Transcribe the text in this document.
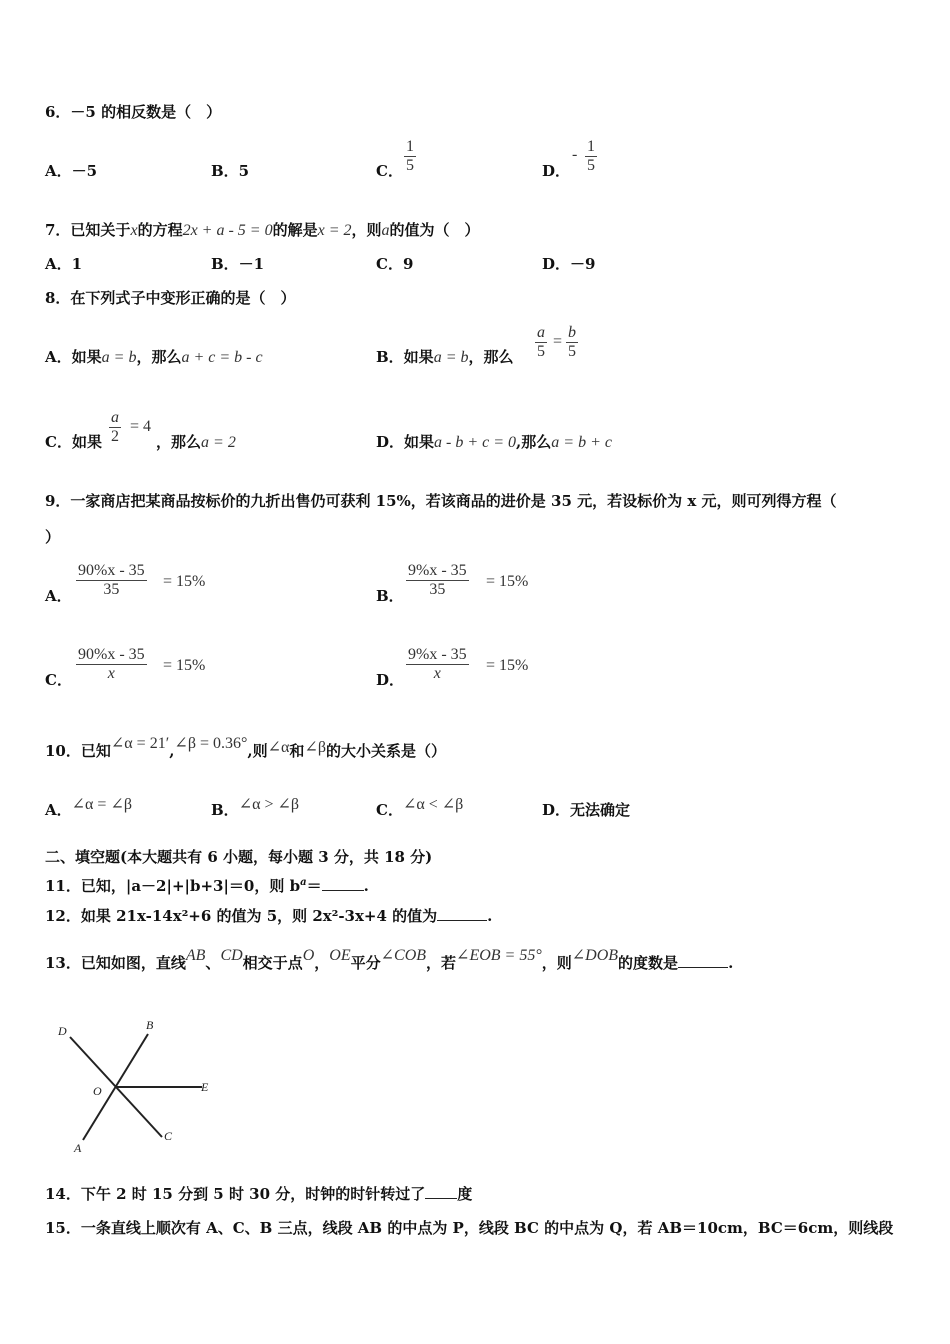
6．－5 的相反数是（　）
A．－5	B．5	C． $\frac{1}{5}$	D．
- $\frac{1}{5}$
7．已知关于x的方程2x + a - 5 = 0的解是x = 2，则a的值为（　）
A．1	B．－1	C．9	D．－9
8．在下列式子中变形正确的是（　）
A．如果a = b，那么a + c = b - c	B．如果a = b，那么 $\frac{a}{5} = \frac{b}{5}$
C．如果 $\frac{a}{2} = 4$
，那么a = 2	D．如果a - b + c = 0,那么a = b + c
9．一家商店把某商品按标价的九折出售仍可获利 15%，若该商品的进价是 35 元，若设标价为 x 元，则可列得方程（
）
A． $\frac{90\%x - 35}{35} = 15\%$
B． $\frac{9\%x - 35}{35} = 15\%$
C． $\frac{90\%x - 35}{x} = 15\%$
D． $\frac{9\%x - 35}{x} = 15\%$
10．已知∠α = 21′,∠β = 0.36°,则∠α和∠β的大小关系是（）
A．∠α = ∠β	B．∠α > ∠β	C．∠α < ∠β	D．无法确定
二、填空题(本大题共有 6 小题，每小题 3 分，共 18 分)
11．已知，|a－2|+|b+3|＝0，则 $b^a=$	.
12．如果 21x-14x²+6 的值为 5，则 2x²-3x+4 的值为	.
13．已知如图，直线AB、CD相交于点O，OE平分∠COB，若∠EOB = 55°，则∠DOB的度数是	.
D	B
O	E
A
C
14．下午 2 时 15 分到 5 时 30 分，时钟的时针转过了 度
15．一条直线上顺次有 A、C、B 三点，线段 AB 的中点为 P，线段 BC 的中点为 Q，若 AB＝10cm，BC＝6cm，则线段
